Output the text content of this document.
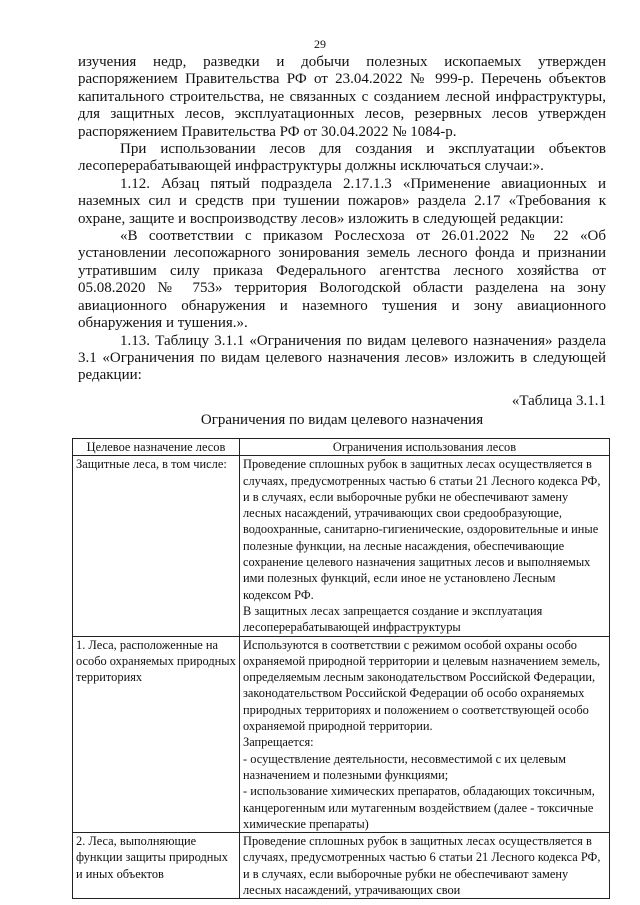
29

изучения недр, разведки и добычи полезных ископаемых утвержден распоряжением Правительства РФ от 23.04.2022 № 999-р. Перечень объектов капитального строительства, не связанных с созданием лесной инфраструктуры, для защитных лесов, эксплуатационных лесов, резервных лесов утвержден распоряжением Правительства РФ от 30.04.2022 № 1084-р.

При использовании лесов для создания и эксплуатации объектов лесоперерабатывающей инфраструктуры должны исключаться случаи:».

1.12. Абзац пятый подраздела 2.17.1.3 «Применение авиационных и наземных сил и средств при тушении пожаров» раздела 2.17 «Требования к охране, защите и воспроизводству лесов» изложить в следующей редакции:

«В соответствии с приказом Рослесхоза от 26.01.2022 № 22 «Об установлении лесопожарного зонирования земель лесного фонда и признании утратившим силу приказа Федерального агентства лесного хозяйства от 05.08.2020 № 753» территория Вологодской области разделена на зону авиационного обнаружения и наземного тушения и зону авиационного обнаружения и тушения.».

1.13. Таблицу 3.1.1 «Ограничения по видам целевого назначения» раздела 3.1 «Ограничения по видам целевого назначения лесов» изложить в следующей редакции:

«Таблица 3.1.1

Ограничения по видам целевого назначения

Целевое назначение лесов	Ограничения использования лесов
Защитные леса, в том числе:	Проведение сплошных рубок в защитных лесах осуществляется в случаях, предусмотренных частью 6 статьи 21 Лесного кодекса РФ, и в случаях, если выборочные рубки не обеспечивают замену лесных насаждений, утрачивающих свои средообразующие, водоохранные, санитарно-гигиенические, оздоровительные и иные полезные функции, на лесные насаждения, обеспечивающие сохранение целевого назначения защитных лесов и выполняемых ими полезных функций, если иное не установлено Лесным кодексом РФ.
В защитных лесах запрещается создание и эксплуатация лесоперерабатывающей инфраструктуры

1. Леса, расположенные на особо охраняемых природных территориях	Используются в соответствии с режимом особой охраны особо охраняемой природной территории и целевым назначением земель, определяемым лесным законодательством Российской Федерации, законодательством Российской Федерации об особо охраняемых природных территориях и положением о соответствующей особо охраняемой природной территории.
Запрещается:
- осуществление деятельности, несовместимой с их целевым назначением и полезными функциями;
- использование химических препаратов, обладающих токсичным, канцерогенным или мутагенным воздействием (далее - токсичные химические препараты)

2. Леса, выполняющие функции защиты природных и иных объектов	Проведение сплошных рубок в защитных лесах осуществляется в случаях, предусмотренных частью 6 статьи 21 Лесного кодекса РФ, и в случаях, если выборочные рубки не обеспечивают замену лесных насаждений, утрачивающих свои
